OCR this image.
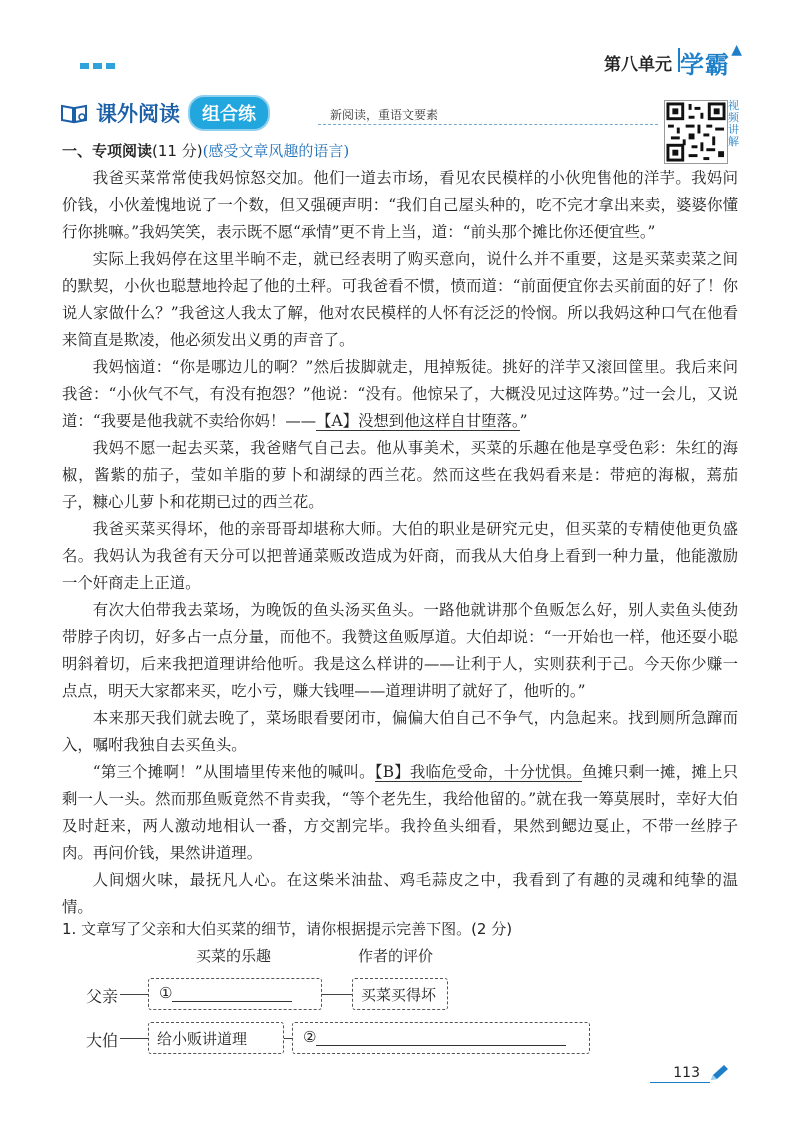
第八单元 学霸
▲
课外阅读	组合练	新阅读，重语文要素
视频讲解
一、专项阅读(11 分)(感受文章风趣的语言)

我爸买菜常常使我妈惊怒交加。他们一道去市场，看见农民模样的小伙兜售他的洋芋。我妈问价钱，小伙羞愧地说了一个数，但又强硬声明：“我们自己屋头种的，吃不完才拿出来卖，婆婆你懂行你挑嘛。”我妈笑笑，表示既不愿“承情”更不肯上当，道：“前头那个摊比你还便宜些。”

实际上我妈停在这里半晌不走，就已经表明了购买意向，说什么并不重要，这是买菜卖菜之间的默契，小伙也聪慧地拎起了他的土秤。可我爸看不惯，愤而道：“前面便宜你去买前面的好了！你说人家做什么？”我爸这人我太了解，他对农民模样的人怀有泛泛的怜悯。所以我妈这种口气在他看来简直是欺凌，他必须发出义勇的声音了。

我妈恼道：“你是哪边儿的啊？”然后拔脚就走，甩掉叛徒。挑好的洋芋又滚回筐里。我后来问我爸：“小伙气不气，有没有抱怨？”他说：“没有。他惊呆了，大概没见过这阵势。”过一会儿，又说道：“我要是他我就不卖给你妈！——【A】没想到他这样自甘堕落。”

我妈不愿一起去买菜，我爸赌气自己去。他从事美术，买菜的乐趣在他是享受色彩：朱红的海椒，酱紫的茄子，莹如羊脂的萝卜和湖绿的西兰花。然而这些在我妈看来是：带疤的海椒，蔫茄子，糠心儿萝卜和花期已过的西兰花。

我爸买菜买得坏，他的亲哥哥却堪称大师。大伯的职业是研究元史，但买菜的专精使他更负盛名。我妈认为我爸有天分可以把普通菜贩改造成为奸商，而我从大伯身上看到一种力量，他能激励一个奸商走上正道。

有次大伯带我去菜场，为晚饭的鱼头汤买鱼头。一路他就讲那个鱼贩怎么好，别人卖鱼头使劲带脖子肉切，好多占一点分量，而他不。我赞这鱼贩厚道。大伯却说：“一开始也一样，他还耍小聪明斜着切，后来我把道理讲给他听。我是这么样讲的——让利于人，实则获利于己。今天你少赚一点点，明天大家都来买，吃小亏，赚大钱哩——道理讲明了就好了，他听的。”

本来那天我们就去晚了，菜场眼看要闭市，偏偏大伯自己不争气，内急起来。找到厕所急蹿而入，嘱咐我独自去买鱼头。

“第三个摊啊！”从围墙里传来他的喊叫。【B】我临危受命，十分忧惧。鱼摊只剩一摊，摊上只剩一人一头。然而那鱼贩竟然不肯卖我，“等个老先生，我给他留的。”就在我一筹莫展时，幸好大伯及时赶来，两人激动地相认一番，方交割完毕。我拎鱼头细看，果然到鳃边戛止，不带一丝脖子肉。再问价钱，果然讲道理。

人间烟火味，最抚凡人心。在这柴米油盐、鸡毛蒜皮之中，我看到了有趣的灵魂和纯挚的温情。

1. 文章写了父亲和大伯买菜的细节，请你根据提示完善下图。(2 分)
买菜的乐趣	作者的评价
父亲	①	买菜买得坏
大伯	给小贩讲道理	②
113
